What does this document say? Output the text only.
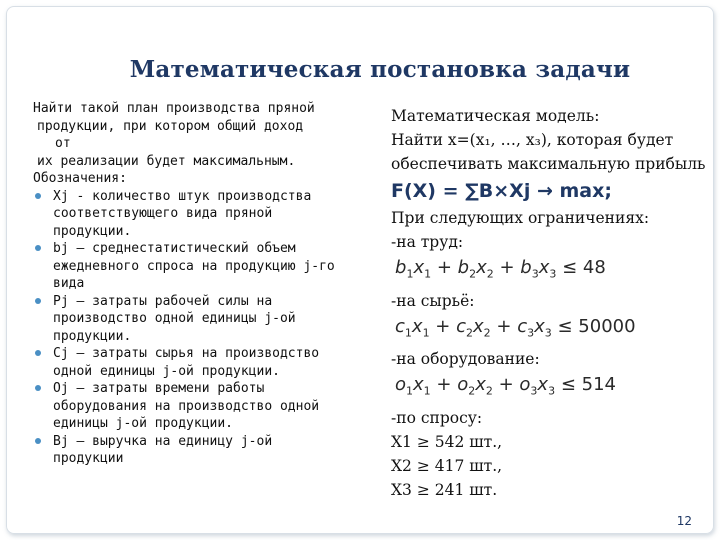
Математическая постановка задачи

Найти такой план производства пряной

продукции, при котором общий доход

от

их реализации будет максимальным.

Обозначения:

Xj - количество штук производства
соответствующего вида пряной
продукции.
bj – среднестатистический объем
ежедневного спроса на продукцию j-го
вида
Pj – затраты рабочей силы на
производство одной единицы j-ой
продукции.
Cj – затраты сырья на производство
одной единицы j-ой продукции.
Oj – затраты времени работы
оборудования на производство одной
единицы j-ой продукции.
Bj – выручка на единицу j-ой
продукции

Математическая модель:

Найти x=(x₁, …, x₃), которая будет

обеспечивать максимальную прибыль

F(X) = ∑B×Xj → max;

При следующих ограничениях:

-на труд:

$b_1x_1 + b_2x_2 + b_3x_3 \le 48$

-на сырьё:

$c_1x_1 + c_2x_2 + c_3x_3 \le 50000$

-на оборудование:

$o_1x_1 + o_2x_2 + o_3x_3 \le 514$

-по спросу:

X1 ≥ 542 шт.,

X2 ≥ 417 шт.,

X3 ≥ 241 шт.

12
